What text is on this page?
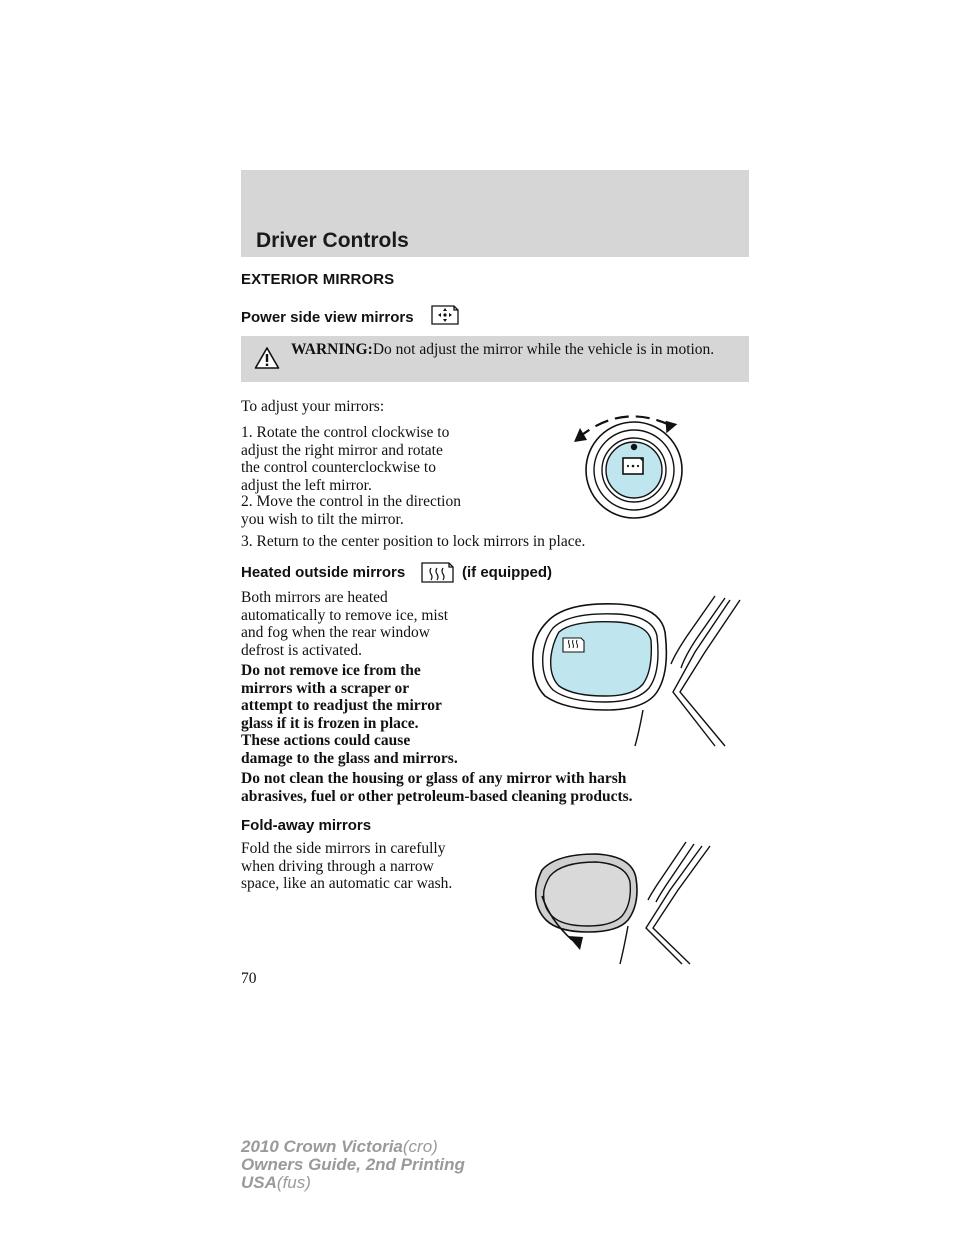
Driver Controls
EXTERIOR MIRRORS
Power side view mirrors
WARNING:Do not adjust the mirror while the vehicle is in motion.
To adjust your mirrors:
1. Rotate the control clockwise to
adjust the right mirror and rotate
the control counterclockwise to
adjust the left mirror.
2. Move the control in the direction
you wish to tilt the mirror.
3. Return to the center position to lock mirrors in place.
Heated outside mirrors	(if equipped)
Both mirrors are heated
automatically to remove ice, mist
and fog when the rear window
defrost is activated.
Do not remove ice from the
mirrors with a scraper or
attempt to readjust the mirror
glass if it is frozen in place.
These actions could cause
damage to the glass and mirrors.
Do not clean the housing or glass of any mirror with harsh
abrasives, fuel or other petroleum-based cleaning products.
Fold-away mirrors
Fold the side mirrors in carefully
when driving through a narrow
space, like an automatic car wash.
70
2010 Crown Victoria(cro)
Owners Guide, 2nd Printing
USA(fus)
